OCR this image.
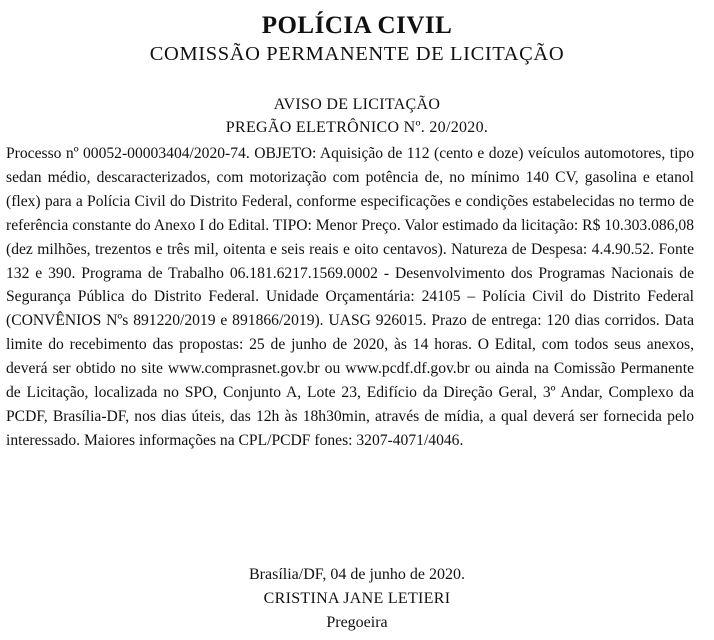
POLÍCIA CIVIL
COMISSÃO PERMANENTE DE LICITAÇÃO
AVISO DE LICITAÇÃO
PREGÃO ELETRÔNICO Nº. 20/2020.

Processo nº 00052-00003404/2020-74. OBJETO: Aquisição de 112 (cento e doze) veículos automotores, tipo sedan médio, descaracterizados, com motorização com potência de, no mínimo 140 CV, gasolina e etanol (flex) para a Polícia Civil do Distrito Federal, conforme especificações e condições estabelecidas no termo de referência constante do Anexo I do Edital. TIPO: Menor Preço. Valor estimado da licitação: R$ 10.303.086,08 (dez milhões, trezentos e três mil, oitenta e seis reais e oito centavos). Natureza de Despesa: 4.4.90.52. Fonte 132 e 390. Programa de Trabalho 06.181.6217.1569.0002 - Desenvolvimento dos Programas Nacionais de Segurança Pública do Distrito Federal. Unidade Orçamentária: 24105 – Polícia Civil do Distrito Federal (CONVÊNIOS Nºs 891220/2019 e 891866/2019). UASG 926015. Prazo de entrega: 120 dias corridos. Data limite do recebimento das propostas: 25 de junho de 2020, às 14 horas. O Edital, com todos seus anexos, deverá ser obtido no site www.comprasnet.gov.br ou www.pcdf.df.gov.br ou ainda na Comissão Permanente de Licitação, localizada no SPO, Conjunto A, Lote 23, Edifício da Direção Geral, 3º Andar, Complexo da PCDF, Brasília-DF, nos dias úteis, das 12h às 18h30min, através de mídia, a qual deverá ser fornecida pelo interessado. Maiores informações na CPL/PCDF fones: 3207-4071/4046.

Brasília/DF, 04 de junho de 2020.
CRISTINA JANE LETIERI
Pregoeira
